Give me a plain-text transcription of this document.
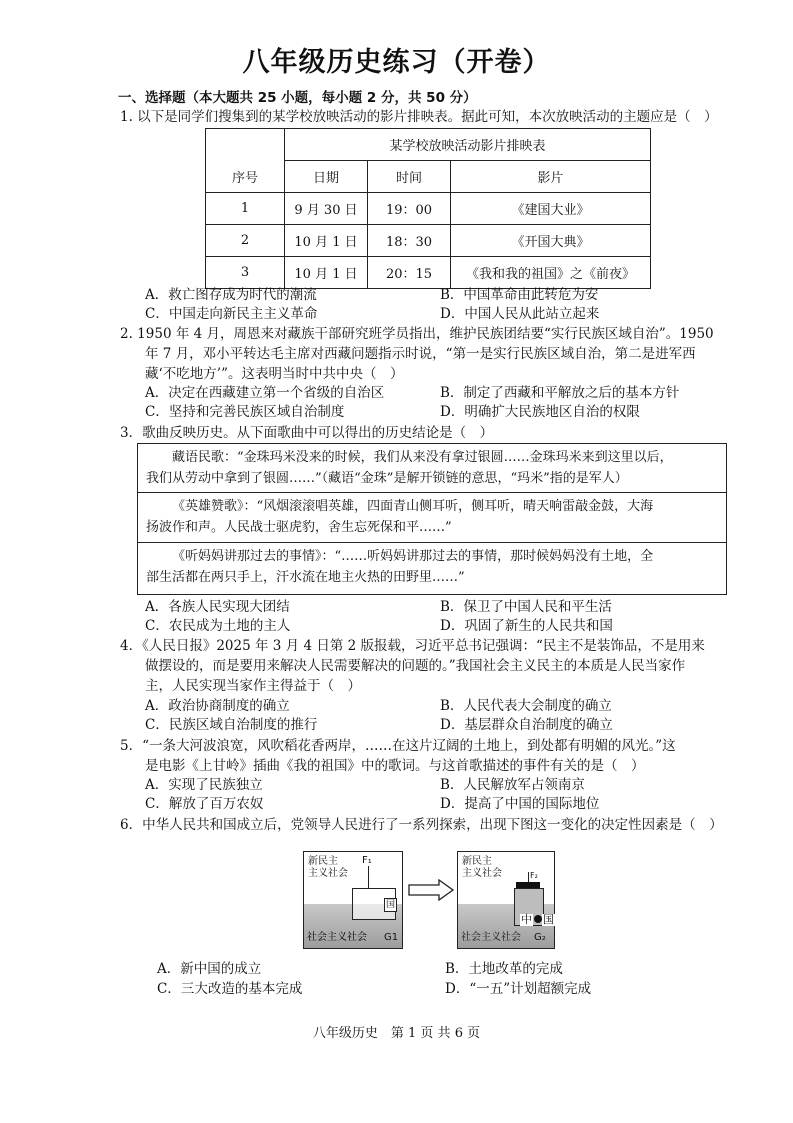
八年级历史练习（开卷）
一、选择题（本大题共 25 小题，每小题 2 分，共 50 分）
1. 以下是同学们搜集到的某学校放映活动的影片排映表。据此可知，本次放映活动的主题应是（　）
	某学校放映活动影片排映表		
序号	日期	时间	影片
1	9 月 30 日	19：00	《建国大业》
2	10 月 1 日	18：30	《开国大典》
3	10 月 1 日	20：15	《我和我的祖国》之《前夜》
A．救亡图存成为时代的潮流	B．中国革命由此转危为安
C．中国走向新民主主义革命	D．中国人民从此站立起来
2. 1950 年 4 月，周恩来对藏族干部研究班学员指出，维护民族团结要“实行民族区域自治”。1950
年 7 月，邓小平转达毛主席对西藏问题指示时说，“第一是实行民族区域自治，第二是进军西
藏‘不吃地方’”。这表明当时中共中央（　）
A．决定在西藏建立第一个省级的自治区	B．制定了西藏和平解放之后的基本方针
C．坚持和完善民族区域自治制度	D．明确扩大民族地区自治的权限
3．歌曲反映历史。从下面歌曲中可以得出的历史结论是（　）

藏语民歌：“金珠玛米没来的时候，我们从来没有拿过银圆……金珠玛米来到这里以后，

我们从劳动中拿到了银圆……”（藏语“金珠”是解开锁链的意思，“玛米”指的是军人）

《英雄赞歌》：“风烟滚滚唱英雄，四面青山侧耳听，侧耳听，晴天响雷敲金鼓，大海

扬波作和声。人民战士驱虎豹，舍生忘死保和平……”

《听妈妈讲那过去的事情》：“……听妈妈讲那过去的事情，那时候妈妈没有土地，全

部生活都在两只手上，汗水流在地主火热的田野里……”

A．各族人民实现大团结	B．保卫了中国人民和平生活
C．农民成为土地的主人	D．巩固了新生的人民共和国
4．《人民日报》2025 年 3 月 4 日第 2 版报载，习近平总书记强调：“民主不是装饰品，不是用来
做摆设的，而是要用来解决人民需要解决的问题的。”我国社会主义民主的本质是人民当家作
主，人民实现当家作主得益于（　）
A．政治协商制度的确立	B．人民代表大会制度的确立
C．民族区域自治制度的推行	D．基层群众自治制度的确立
5．“一条大河波浪宽，风吹稻花香两岸，……在这片辽阔的土地上，到处都有明媚的风光。”这
是电影《上甘岭》插曲《我的祖国》中的歌词。与这首歌描述的事件有关的是（　）
A．实现了民族独立	B．人民解放军占领南京
C．解放了百万农奴	D．提高了中国的国际地位
6．中华人民共和国成立后，党领导人民进行了一系列探索，出现下图这一变化的决定性因素是（　）
新民主
主义社会
F₁
国
社会主义社会 G1
新民主
主义社会	F₂
中 国
社会主义社会 G₂
A．新中国的成立	B．土地改革的完成
C．三大改造的基本完成	D．“一五”计划超额完成
八年级历史　第 1 页 共 6 页
